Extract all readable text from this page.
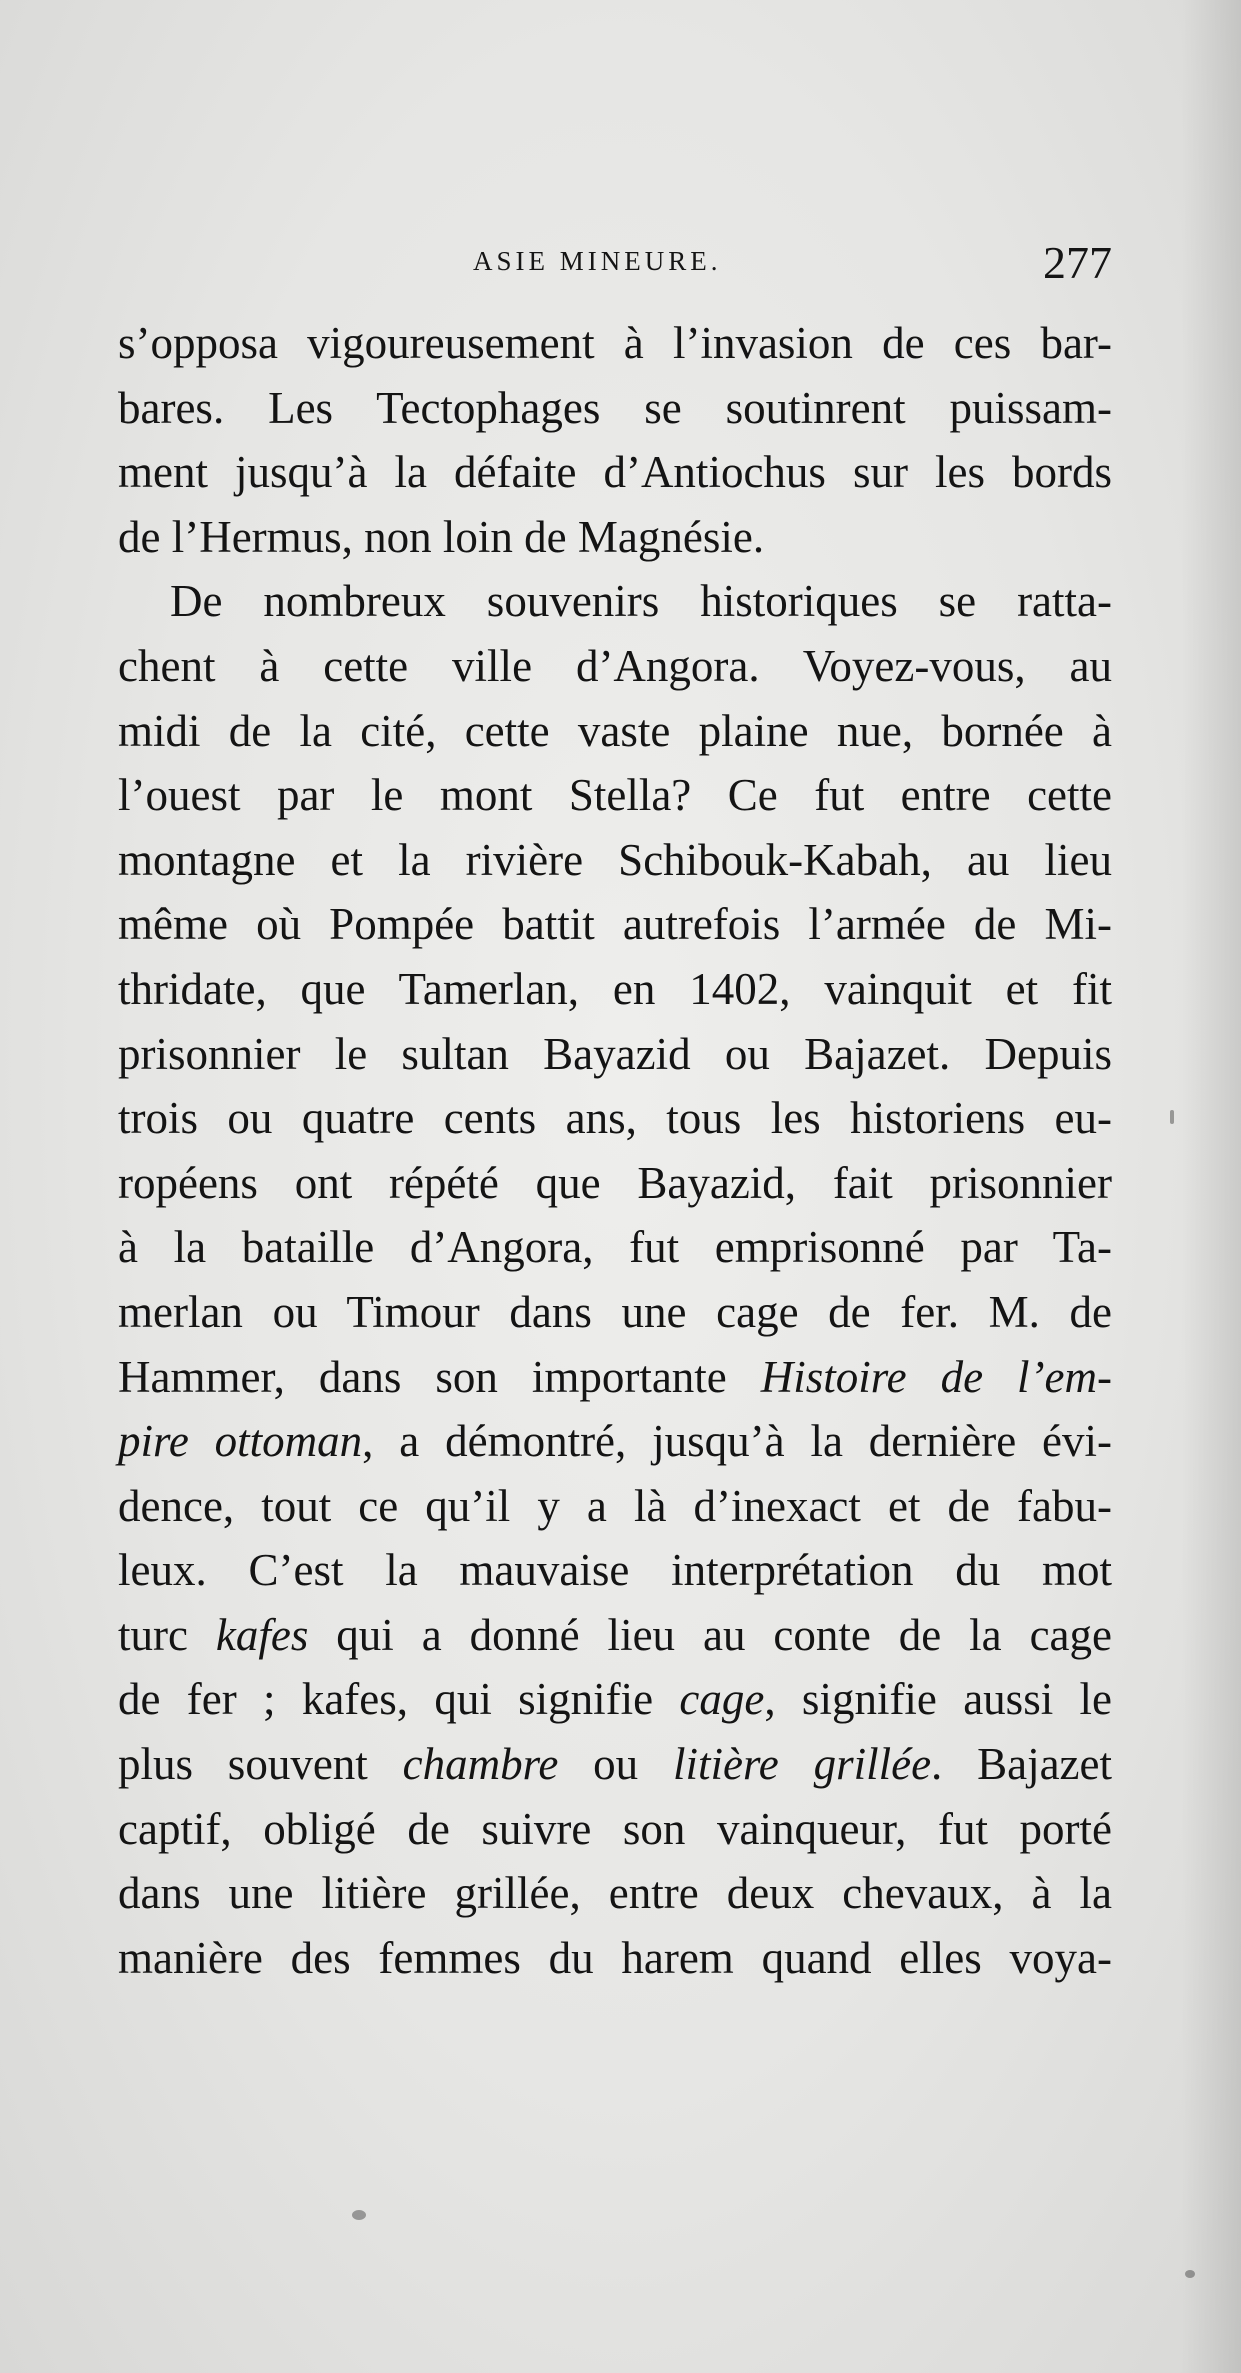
ASIE MINEURE.	277
s’opposa vigoureusement à l’invasion de ces bar-
bares. Les Tectophages se soutinrent puissam-
ment jusqu’à la défaite d’Antiochus sur les bords
de l’Hermus, non loin de Magnésie.
De nombreux souvenirs historiques se ratta-
chent à cette ville d’Angora. Voyez-vous, au
midi de la cité, cette vaste plaine nue, bornée à
l’ouest par le mont Stella? Ce fut entre cette
montagne et la rivière Schibouk-Kabah, au lieu
même où Pompée battit autrefois l’armée de Mi-
thridate, que Tamerlan, en 1402, vainquit et fit
prisonnier le sultan Bayazid ou Bajazet. Depuis
trois ou quatre cents ans, tous les historiens eu-
ropéens ont répété que Bayazid, fait prisonnier
à la bataille d’Angora, fut emprisonné par Ta-
merlan ou Timour dans une cage de fer. M. de
Hammer, dans son importante Histoire de l’em-
pire ottoman, a démontré, jusqu’à la dernière évi-
dence, tout ce qu’il y a là d’inexact et de fabu-
leux. C’est la mauvaise interprétation du mot
turc kafes qui a donné lieu au conte de la cage
de fer ; kafes, qui signifie cage, signifie aussi le
plus souvent chambre ou litière grillée. Bajazet
captif, obligé de suivre son vainqueur, fut porté
dans une litière grillée, entre deux chevaux, à la
manière des femmes du harem quand elles voya-
